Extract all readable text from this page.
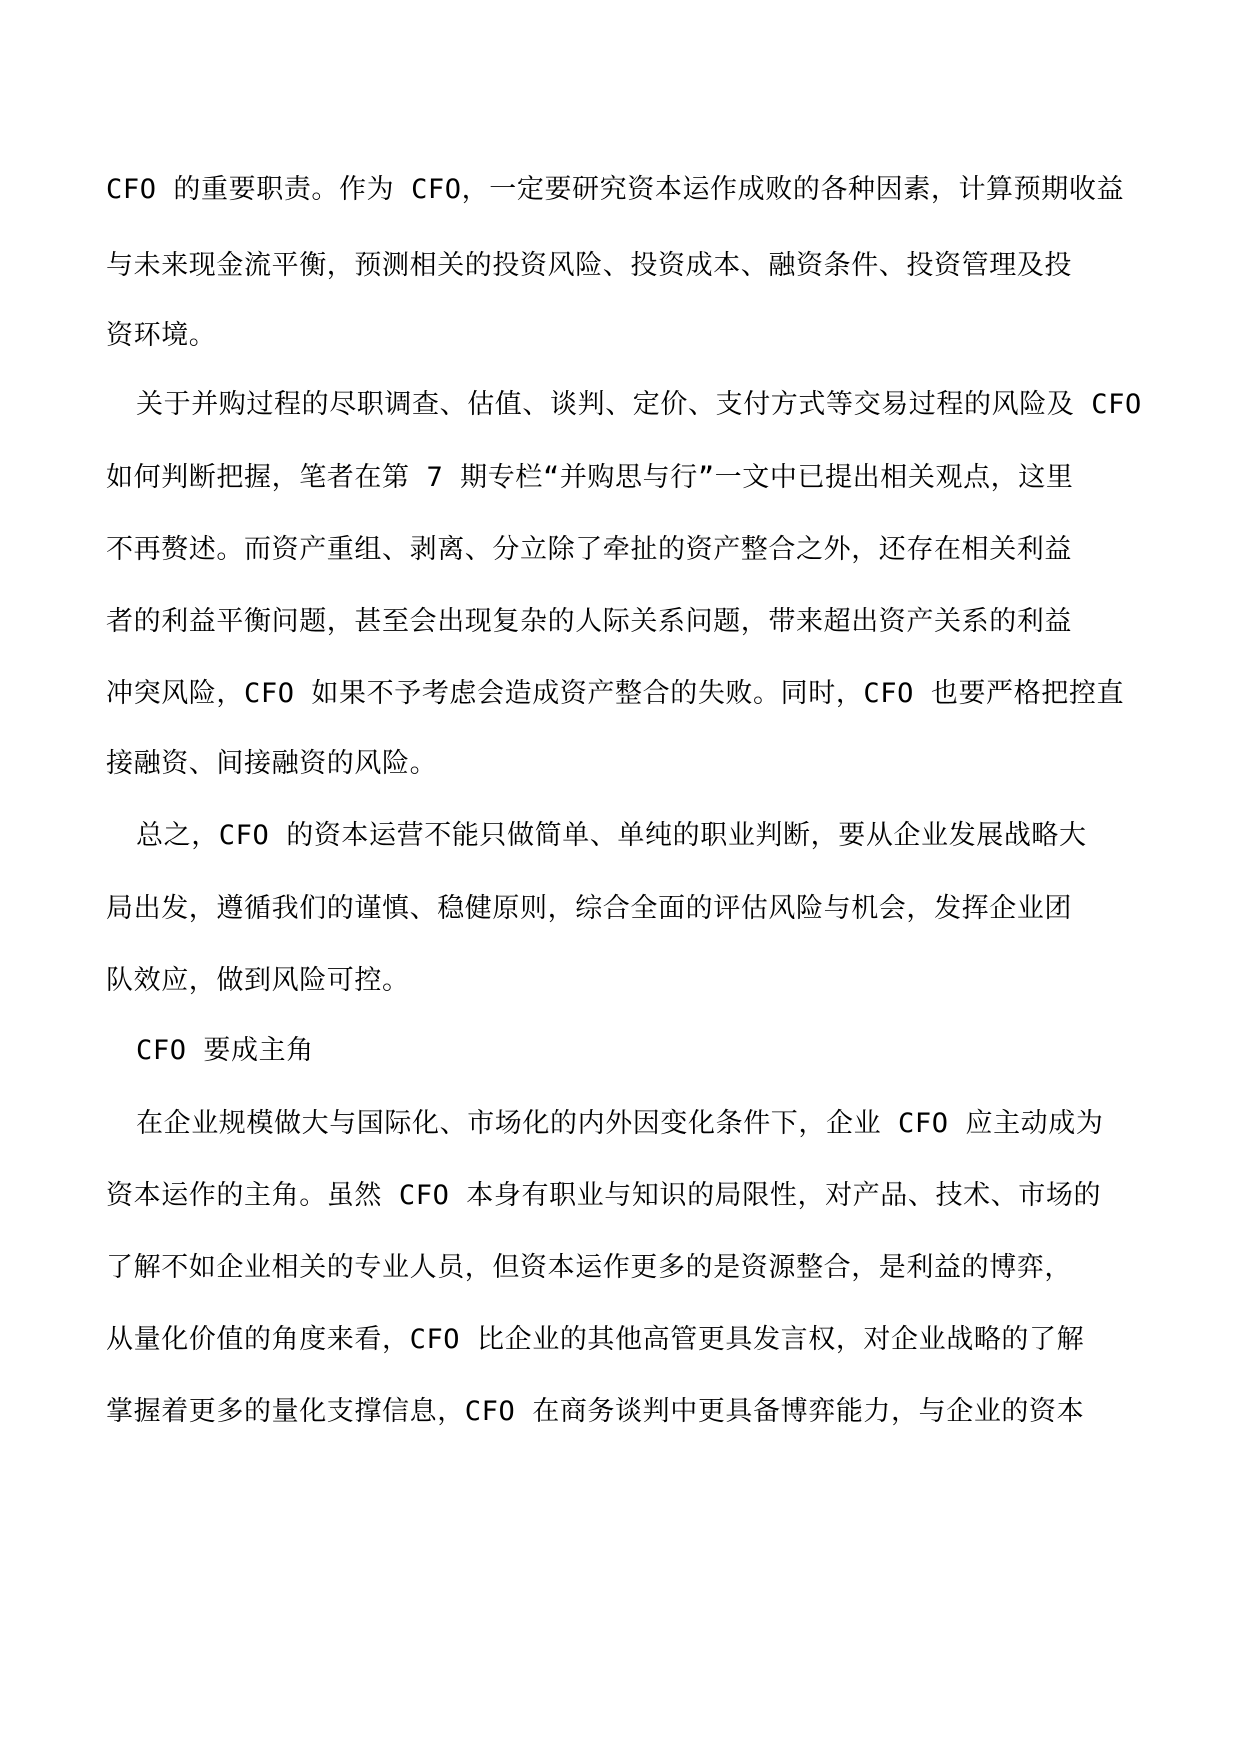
CFO 的重要职责。作为 CFO，一定要研究资本运作成败的各种因素，计算预期收益
与未来现金流平衡，预测相关的投资风险、投资成本、融资条件、投资管理及投
资环境。
关于并购过程的尽职调查、估值、谈判、定价、支付方式等交易过程的风险及 CFO
如何判断把握，笔者在第 7 期专栏“并购思与行”一文中已提出相关观点，这里
不再赘述。而资产重组、剥离、分立除了牵扯的资产整合之外，还存在相关利益
者的利益平衡问题，甚至会出现复杂的人际关系问题，带来超出资产关系的利益
冲突风险，CFO 如果不予考虑会造成资产整合的失败。同时，CFO 也要严格把控直
接融资、间接融资的风险。
总之，CFO 的资本运营不能只做简单、单纯的职业判断，要从企业发展战略大
局出发，遵循我们的谨慎、稳健原则，综合全面的评估风险与机会，发挥企业团
队效应，做到风险可控。
CFO 要成主角
在企业规模做大与国际化、市场化的内外因变化条件下，企业 CFO 应主动成为
资本运作的主角。虽然 CFO 本身有职业与知识的局限性，对产品、技术、市场的
了解不如企业相关的专业人员，但资本运作更多的是资源整合，是利益的博弈，
从量化价值的角度来看，CFO 比企业的其他高管更具发言权，对企业战略的了解
掌握着更多的量化支撑信息，CFO 在商务谈判中更具备博弈能力，与企业的资本
